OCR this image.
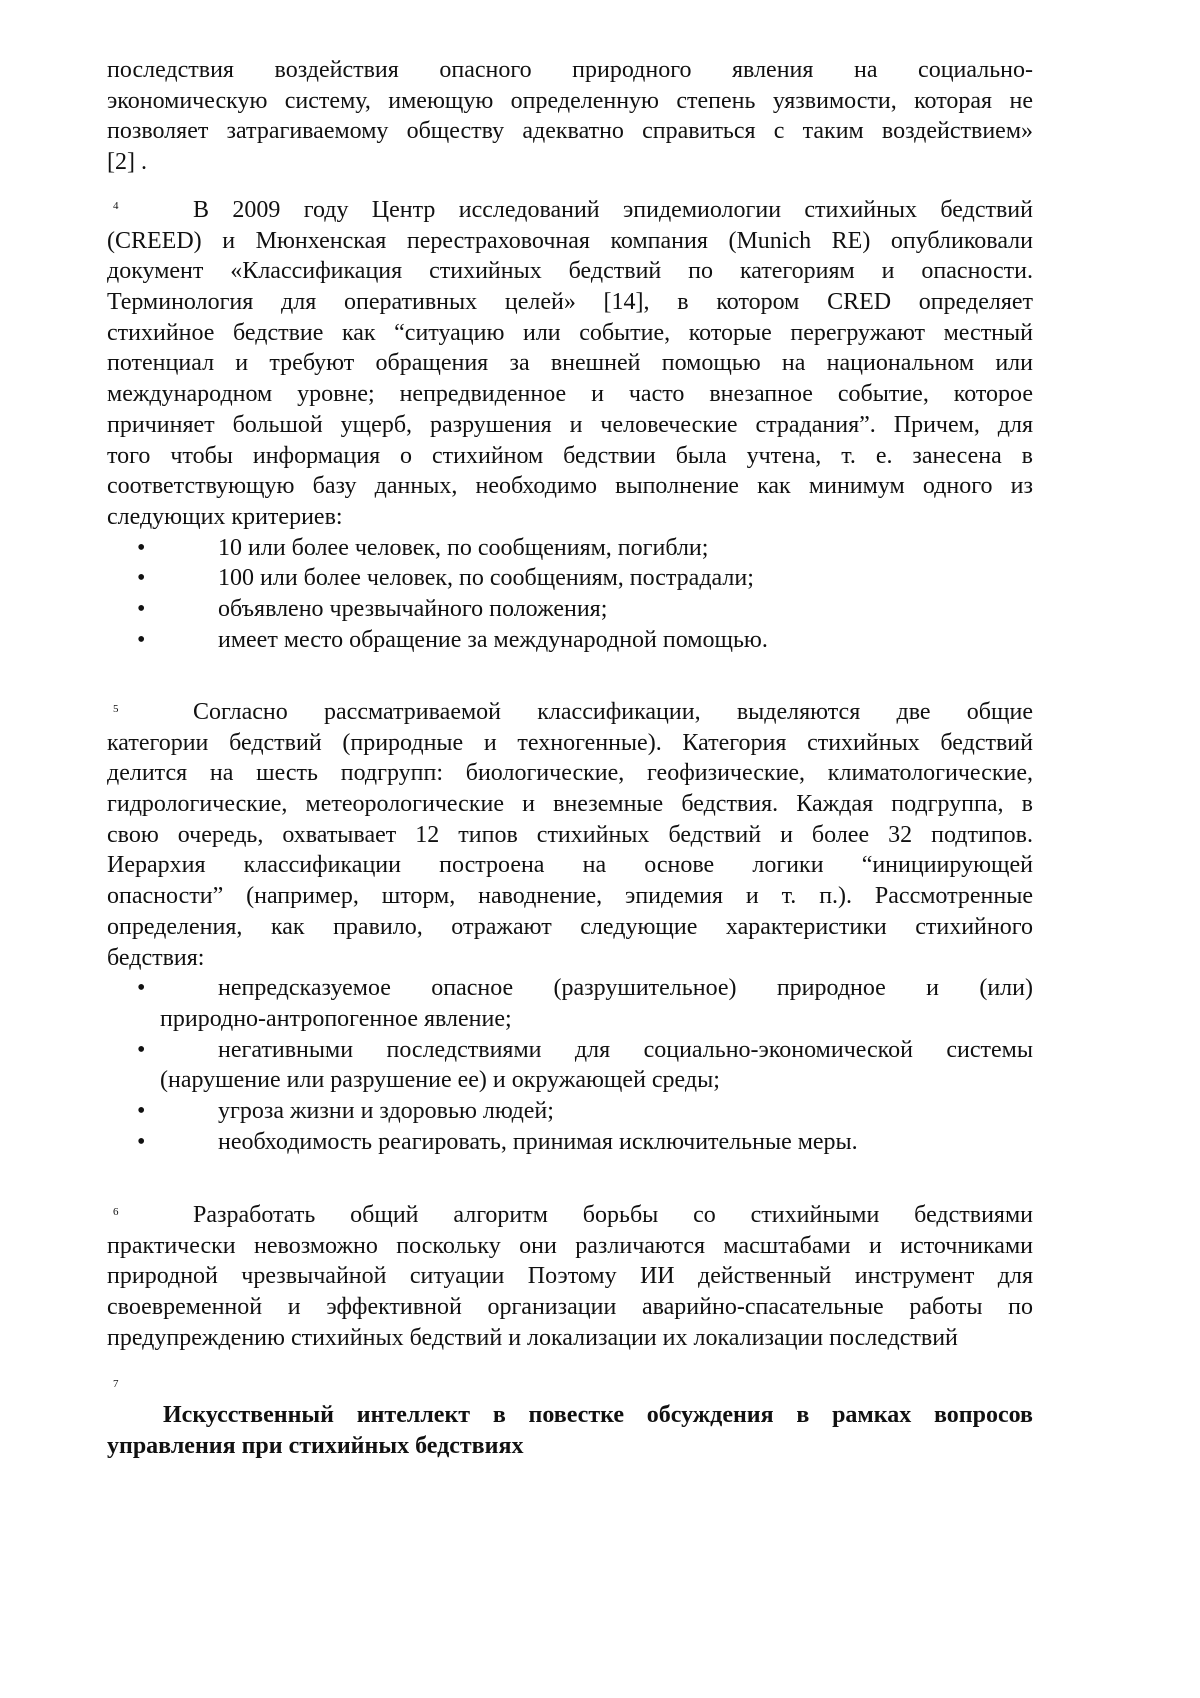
последствия воздействия опасного природного явления на социально-
экономическую систему, имеющую определенную степень уязвимости, которая не
позволяет затрагиваемому обществу адекватно справиться с таким воздействием»
[2] .
4	В 2009 году Центр исследований эпидемиологии стихийных бедствий
(CREED) и Мюнхенская перестраховочная компания (Munich RE) опубликовали
документ «Классификация стихийных бедствий по категориям и опасности.
Терминология для оперативных целей» [14], в котором CRED определяет
стихийное бедствие как “ситуацию или событие, которые перегружают местный
потенциал и требуют обращения за внешней помощью на национальном или
международном уровне; непредвиденное и часто внезапное событие, которое
причиняет большой ущерб, разрушения и человеческие страдания”. Причем, для
того чтобы информация о стихийном бедствии была учтена, т. е. занесена в
соответствующую базу данных, необходимо выполнение как минимум одного из
следующих критериев:
•	10 или более человек, по сообщениям, погибли;
•	100 или более человек, по сообщениям, пострадали;
•	объявлено чрезвычайного положения;
•	имеет место обращение за международной помощью.
5	Согласно рассматриваемой классификации, выделяются две общие
категории бедствий (природные и техногенные). Категория стихийных бедствий
делится на шесть подгрупп: биологические, геофизические, климатологические,
гидрологические, метеорологические и внеземные бедствия. Каждая подгруппа, в
свою очередь, охватывает 12 типов стихийных бедствий и более 32 подтипов.
Иерархия классификации построена на основе логики “инициирующей
опасности” (например, шторм, наводнение, эпидемия и т. п.). Рассмотренные
определения, как правило, отражают следующие характеристики стихийного
бедствия:
•	непредсказуемое опасное (разрушительное) природное и (или)
природно-антропогенное явление;
•	негативными последствиями для социально-экономической системы
(нарушение или разрушение ее) и окружающей среды;
•	угроза жизни и здоровью людей;
•	необходимость реагировать, принимая исключительные меры.
6	Разработать общий алгоритм борьбы со стихийными бедствиями
практически невозможно поскольку они различаются масштабами и источниками
природной чрезвычайной ситуации Поэтому ИИ действенный инструмент для
своевременной и эффективной организации аварийно-спасательные работы по
предупреждению стихийных бедствий и локализации их локализации последствий
7
Искусственный интеллект в повестке обсуждения в рамках вопросов
управления при стихийных бедствиях
